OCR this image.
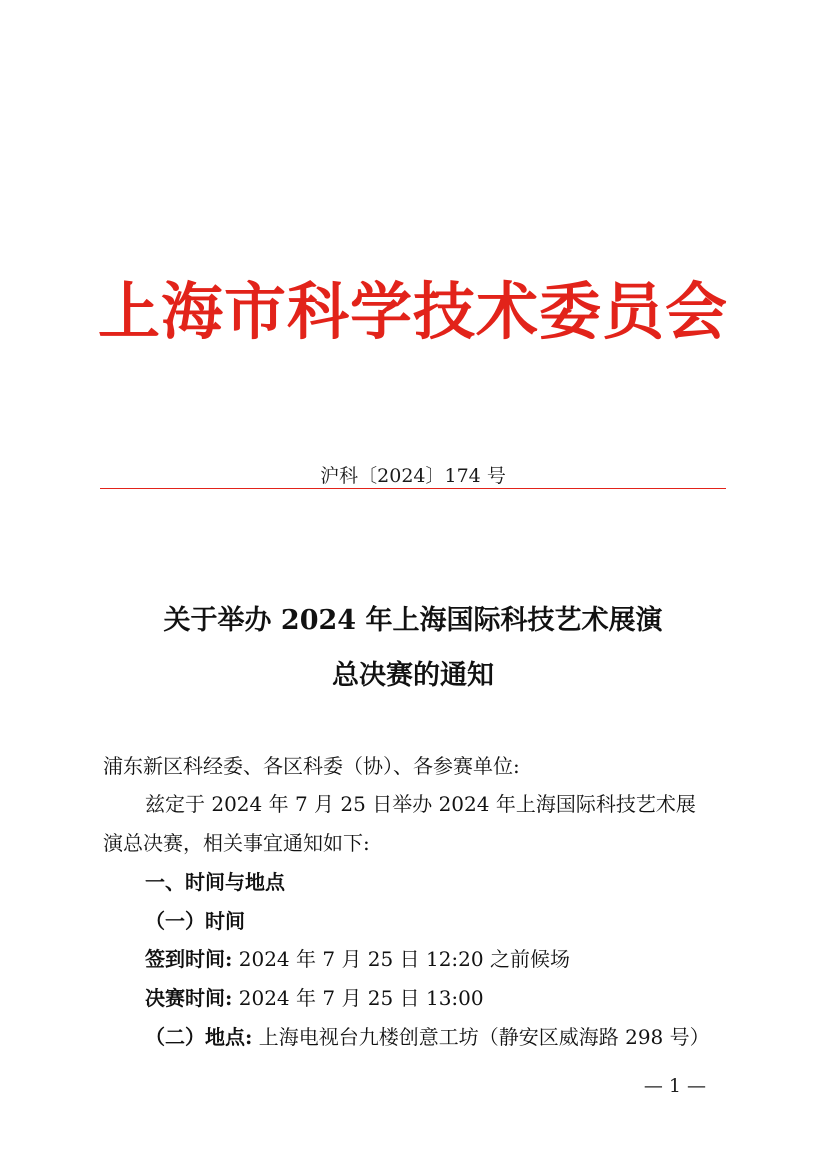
上海市科学技术委员会
沪科〔2024〕174 号
关于举办 2024 年上海国际科技艺术展演
总决赛的通知
浦东新区科经委、各区科委（协）、各参赛单位:
兹定于 2024 年 7 月 25 日举办 2024 年上海国际科技艺术展
演总决赛，相关事宜通知如下:
一、时间与地点
（一）时间
签到时间: 2024 年 7 月 25 日 12:20 之前候场
决赛时间: 2024 年 7 月 25 日 13:00
（二）地点: 上海电视台九楼创意工坊（静安区威海路 298 号）
— 1 —
